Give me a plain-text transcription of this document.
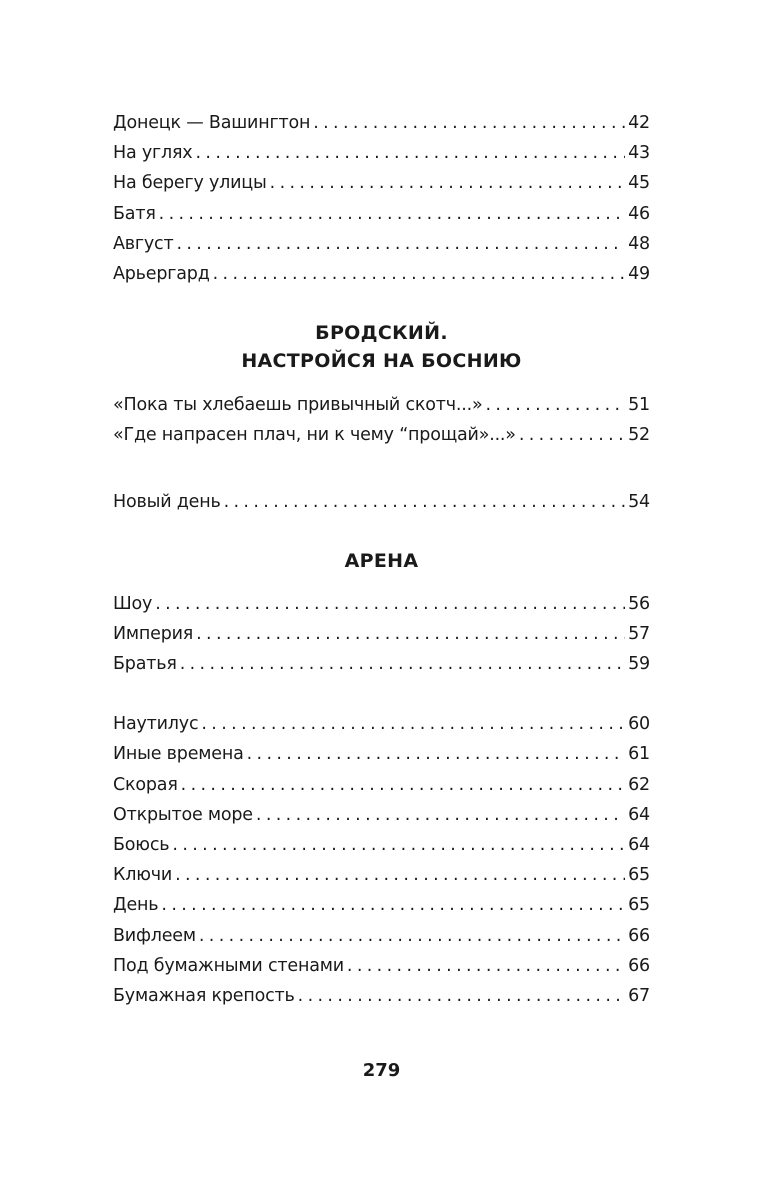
Донецк — Вашингтон . . .	42
На углях . . .	43
На берегу улицы . . .	45
Батя . . .	46
Август . . .	48
Арьергард . . .	49
БРОДСКИЙ.
НАСТРОЙСЯ НА БОСНИЮ
«Пока ты хлебаешь привычный скотч...» . . .	51
«Где напрасен плач, ни к чему “прощай»...» . . .	52
Новый день . . .	54
АРЕНА
Шоу . . .	56
Империя . . .	57
Братья . . .	59
Наутилус . . .	60
Иные времена . . .	61
Скорая . . .	62
Открытое море . . .	64
Боюсь . . .	64
Ключи . . .	65
День . . .	65
Вифлеем . . .	66
Под бумажными стенами . . .	66
Бумажная крепость . . .	67
279
